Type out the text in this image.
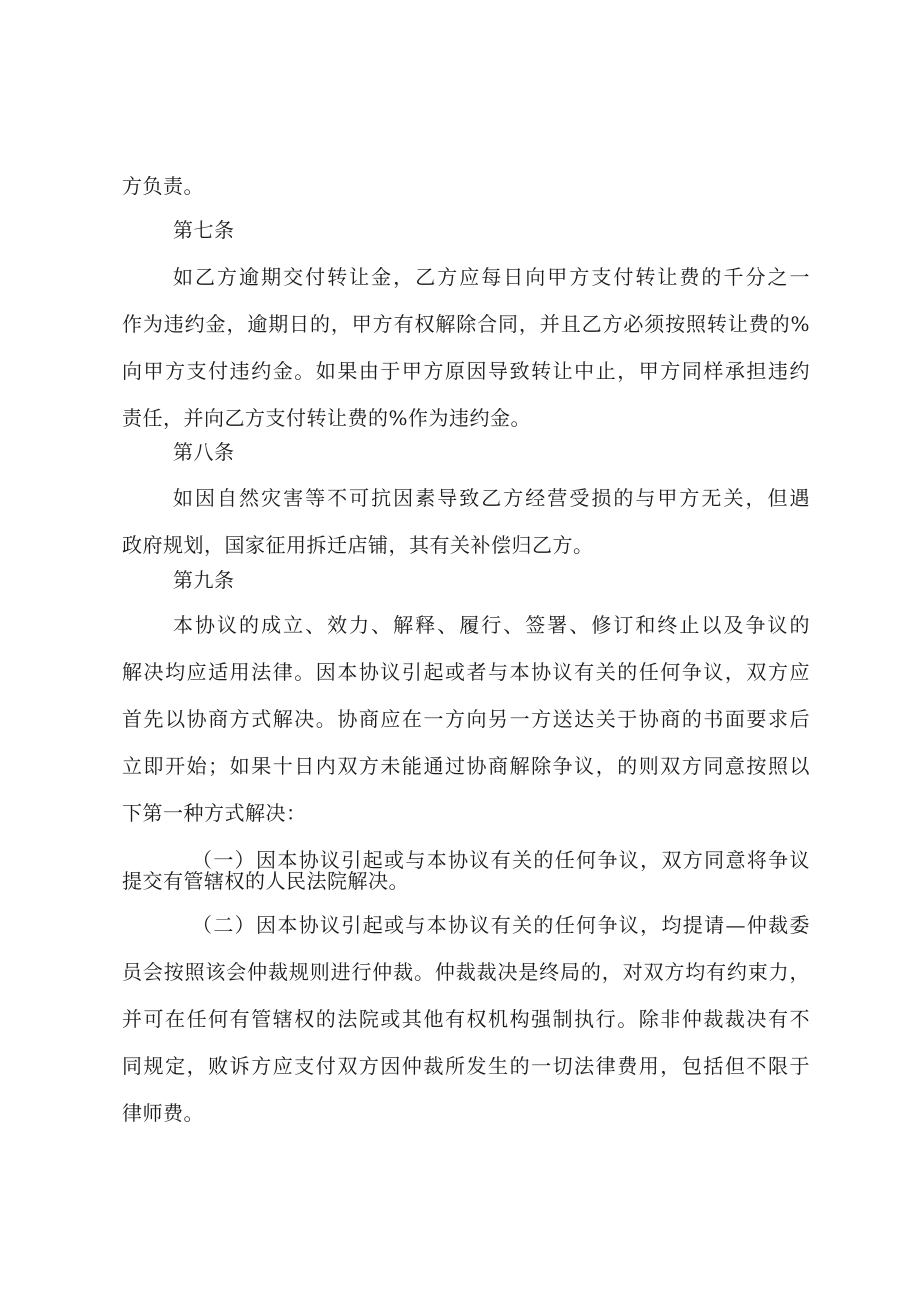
方负责。
第七条
如乙方逾期交付转让金，乙方应每日向甲方支付转让费的千分之一
作为违约金，逾期日的，甲方有权解除合同，并且乙方必须按照转让费的%
向甲方支付违约金。如果由于甲方原因导致转让中止，甲方同样承担违约
责任，并向乙方支付转让费的%作为违约金。
第八条
如因自然灾害等不可抗因素导致乙方经营受损的与甲方无关，但遇
政府规划，国家征用拆迁店铺，其有关补偿归乙方。
第九条
本协议的成立、效力、解释、履行、签署、修订和终止以及争议的
解决均应适用法律。因本协议引起或者与本协议有关的任何争议，双方应
首先以协商方式解决。协商应在一方向另一方送达关于协商的书面要求后
立即开始；如果十日内双方未能通过协商解除争议，的则双方同意按照以
下第一种方式解决：
（一）因本协议引起或与本协议有关的任何争议，双方同意将争议
提交有管辖权的人民法院解决。
（二）因本协议引起或与本协议有关的任何争议，均提请—仲裁委
员会按照该会仲裁规则进行仲裁。仲裁裁决是终局的，对双方均有约束力，
并可在任何有管辖权的法院或其他有权机构强制执行。除非仲裁裁决有不
同规定，败诉方应支付双方因仲裁所发生的一切法律费用，包括但不限于
律师费。
